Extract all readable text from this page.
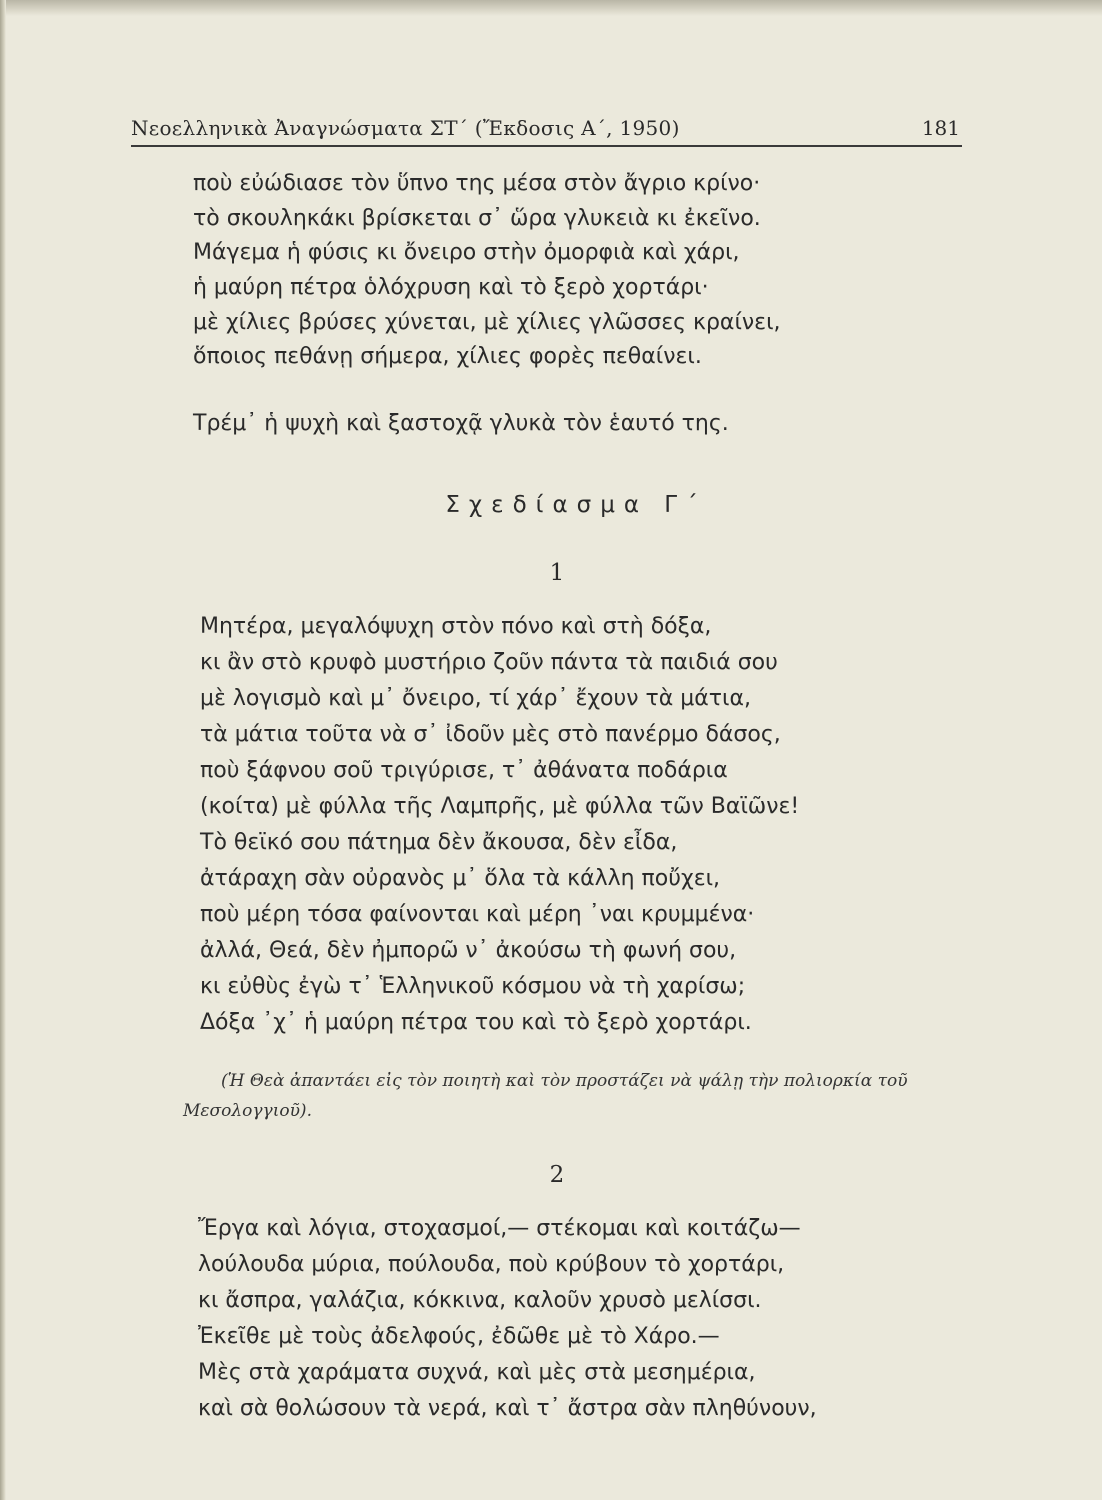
Νεοελληνικὰ Ἀναγνώσματα ΣΤ΄ (Ἔκδοσις Α΄, 1950)	181
ποὺ εὐώδιασε τὸν ὕπνο της μέσα στὸν ἄγριο κρίνο·
τὸ σκουληκάκι βρίσκεται σ᾽ ὥρα γλυκειὰ κι ἐκεῖνο.
Μάγεμα ἡ φύσις κι ὄνειρο στὴν ὀμορφιὰ καὶ χάρι,
ἡ μαύρη πέτρα ὁλόχρυση καὶ τὸ ξερὸ χορτάρι·
μὲ χίλιες βρύσες χύνεται, μὲ χίλιες γλῶσσες κραίνει,
ὅποιος πεθάνῃ σήμερα, χίλιες φορὲς πεθαίνει.
Τρέμ᾽ ἡ ψυχὴ καὶ ξαστοχᾷ γλυκὰ τὸν ἑαυτό της.
Σχεδίασμα Γ΄
1
Μητέρα, μεγαλόψυχη στὸν πόνο καὶ στὴ δόξα,
κι ἂν στὸ κρυφὸ μυστήριο ζοῦν πάντα τὰ παιδιά σου
μὲ λογισμὸ καὶ μ᾽ ὄνειρο, τί χάρ᾽ ἔχουν τὰ μάτια,
τὰ μάτια τοῦτα νὰ σ᾽ ἰδοῦν μὲς στὸ πανέρμο δάσος,
ποὺ ξάφνου σοῦ τριγύρισε, τ᾽ ἀθάνατα ποδάρια
(κοίτα) μὲ φύλλα τῆς Λαμπρῆς, μὲ φύλλα τῶν Βαϊῶνε!
Τὸ θεϊκό σου πάτημα δὲν ἄκουσα, δὲν εἶδα,
ἀτάραχη σὰν οὐρανὸς μ᾽ ὅλα τὰ κάλλη ποὔχει,
ποὺ μέρη τόσα φαίνονται καὶ μέρη ᾽ναι κρυμμένα·
ἀλλά, Θεά, δὲν ἠμπορῶ ν᾽ ἀκούσω τὴ φωνή σου,
κι εὐθὺς ἐγὼ τ᾽ Ἑλληνικοῦ κόσμου νὰ τὴ χαρίσω;
Δόξα ᾽χ᾽ ἡ μαύρη πέτρα του καὶ τὸ ξερὸ χορτάρι.

(Ἡ Θεὰ ἀπαντάει εἰς τὸν ποιητὴ καὶ τὸν προστάζει νὰ ψάλῃ τὴν πολιορκία τοῦ Μεσολογγιοῦ).

2
Ἔργα καὶ λόγια, στοχασμοί,— στέκομαι καὶ κοιτάζω—
λούλουδα μύρια, πούλουδα, ποὺ κρύβουν τὸ χορτάρι,
κι ἄσπρα, γαλάζια, κόκκινα, καλοῦν χρυσὸ μελίσσι.
Ἐκεῖθε μὲ τοὺς ἀδελφούς, ἐδῶθε μὲ τὸ Χάρο.—
Μὲς στὰ χαράματα συχνά, καὶ μὲς στὰ μεσημέρια,
καὶ σὰ θολώσουν τὰ νερά, καὶ τ᾽ ἄστρα σὰν πληθύνουν,
